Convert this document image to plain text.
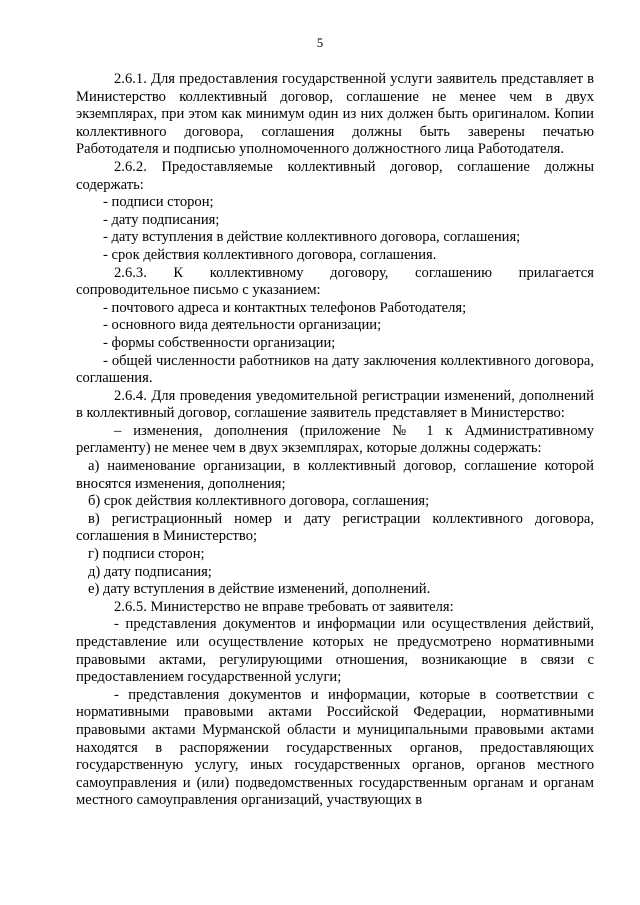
5

2.6.1. Для предоставления государственной услуги заявитель представляет в Министерство коллективный договор, соглашение не менее чем в двух экземплярах, при этом как минимум один из них должен быть оригиналом. Копии коллективного договора, соглашения должны быть заверены печатью Работодателя и подписью уполномоченного должностного лица Работодателя.

2.6.2. Предоставляемые коллективный договор, соглашение должны содержать:

- подписи сторон;

- дату подписания;

- дату вступления в действие коллективного договора, соглашения;

- срок действия коллективного договора, соглашения.

2.6.3. К коллективному договору, соглашению прилагается сопроводительное письмо с указанием:

- почтового адреса и контактных телефонов Работодателя;

- основного вида деятельности организации;

- формы собственности организации;

- общей численности работников на дату заключения коллективного договора, соглашения.

2.6.4. Для проведения уведомительной регистрации изменений, дополнений в коллективный договор, соглашение заявитель представляет в Министерство:

– изменения, дополнения (приложение № 1 к Административному регламенту) не менее чем в двух экземплярах, которые должны содержать:

а) наименование организации, в коллективный договор, соглашение которой вносятся изменения, дополнения;

б) срок действия коллективного договора, соглашения;

в) регистрационный номер и дату регистрации коллективного договора, соглашения в Министерство;

г) подписи сторон;

д) дату подписания;

е) дату вступления в действие изменений, дополнений.

2.6.5. Министерство не вправе требовать от заявителя:

- представления документов и информации или осуществления действий, представление или осуществление которых не предусмотрено нормативными правовыми актами, регулирующими отношения, возникающие в связи с предоставлением государственной услуги;

- представления документов и информации, которые в соответствии с нормативными правовыми актами Российской Федерации, нормативными правовыми актами Мурманской области и муниципальными правовыми актами находятся в распоряжении государственных органов, предоставляющих государственную услугу, иных государственных органов, органов местного самоуправления и (или) подведомственных государственным органам и органам местного самоуправления организаций, участвующих в
